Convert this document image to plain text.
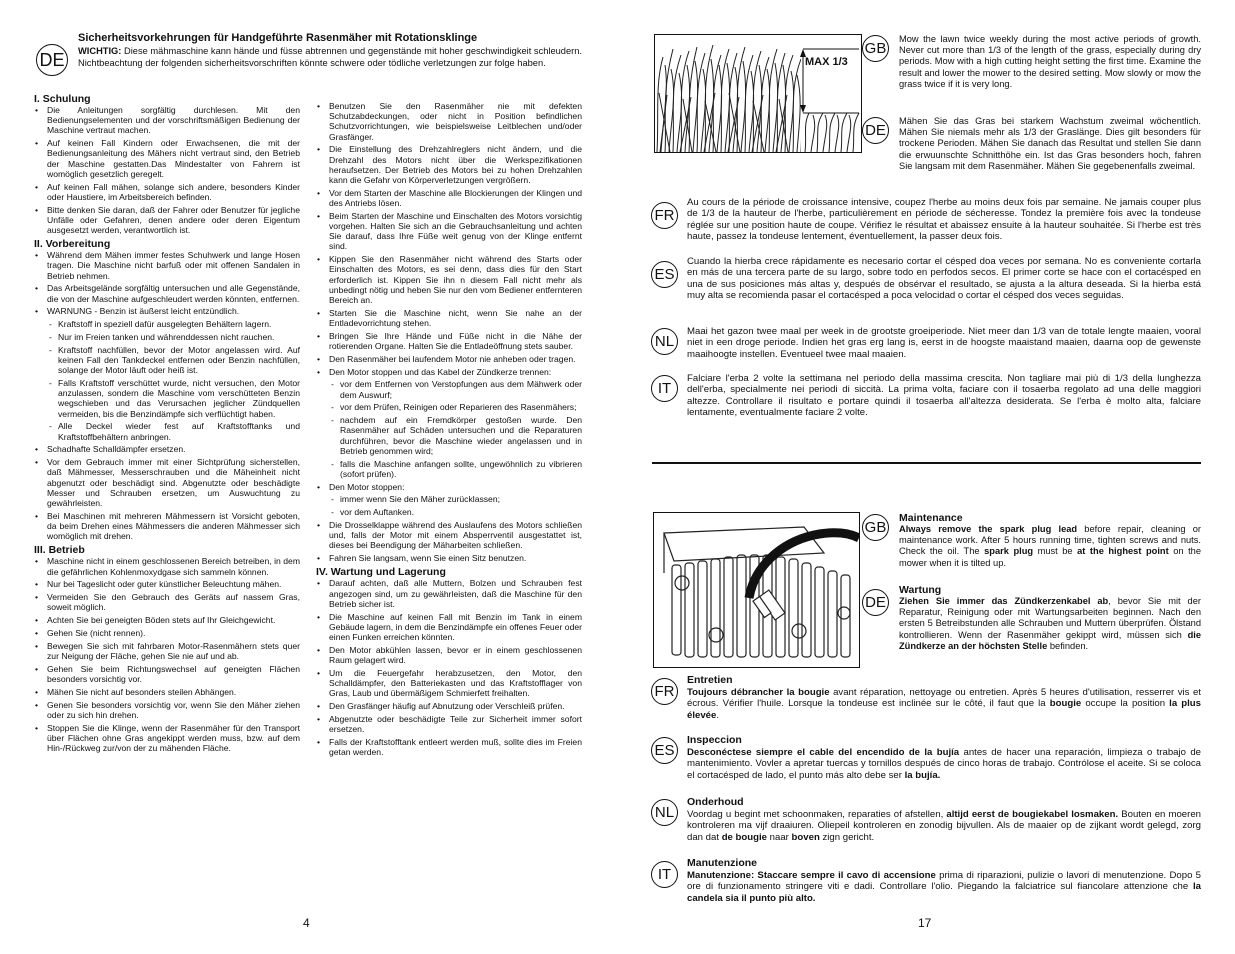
DE
Sicherheitsvorkehrungen für Handgeführte Rasenmäher mit Rotationsklinge
WICHTIG: Diese mähmaschine kann hände und füsse abtrennen und gegenstände mit hoher geschwindigkeit schleudern. Nichtbeachtung der folgenden sicherheitsvorschriften könnte schwere oder tödliche verletzungen zur folge haben.
I. Schulung
• Die Anleitungen sorgfältig durchlesen. Mit den Bedienungselementen und der vorschriftsmäßigen Bedienung der Maschine vertraut machen.
• Auf keinen Fall Kindern oder Erwachsenen, die mit der Bedienungsanleitung des Mähers nicht vertraut sind, den Betrieb der Maschine gestatten.Das Mindestalter von Fahrern ist womöglich gesetzlich geregelt.
• Auf keinen Fall mähen, solange sich andere, besonders Kinder oder Haustiere, im Arbeitsbereich befinden.
• Bitte denken Sie daran, daß der Fahrer oder Benutzer für jegliche Unfälle oder Gefahren, denen andere oder deren Eigentum ausgesetzt werden, verantwortlich ist.
II. Vorbereitung
• Während dem Mähen immer festes Schuhwerk und lange Hosen tragen. Die Maschine nicht barfuß oder mit offenen Sandalen in Betrieb nehmen.
• Das Arbeitsgelände sorgfältig untersuchen und alle Gegenstände, die von der Maschine aufgeschleudert werden könnten, entfernen.
• WARNUNG - Benzin ist äußerst leicht entzündlich.
- Kraftstoff in speziell dafür ausgelegten Behältern lagern.
- Nur im Freien tanken und währenddessen nicht rauchen.
- Kraftstoff nachfüllen, bevor der Motor angelassen wird. Auf keinen Fall den Tankdeckel entfernen oder Benzin nachfüllen, solange der Motor läuft oder heiß ist.
- Falls Kraftstoff verschüttet wurde, nicht versuchen, den Motor anzulassen, sondern die Maschine vom verschütteten Benzin wegschieben und das Verursachen jeglicher Zündquellen vermeiden, bis die Benzindämpfe sich verflüchtigt haben.
- Alle Deckel wieder fest auf Kraftstofftanks und Kraftstoffbehältern anbringen.
• Schadhafte Schalldämpfer ersetzen.
• Vor dem Gebrauch immer mit einer Sichtprüfung sicherstellen, daß Mähmesser, Messerschrauben und die Mäheinheit nicht abgenutzt oder beschädigt sind. Abgenutzte oder beschädigte Messer und Schrauben ersetzen, um Auswuchtung zu gewährleisten.
• Bei Maschinen mit mehreren Mähmessern ist Vorsicht geboten, da beim Drehen eines Mähmessers die anderen Mähmesser sich womöglich mit drehen.
III. Betrieb
• Maschine nicht in einem geschlossenen Bereich betreiben, in dem die gefährlichen Kohlenmoxydgase sich sammeln können.
• Nur bei Tageslicht oder guter künstlicher Beleuchtung mähen.
• Vermeiden Sie den Gebrauch des Geräts auf nassem Gras, soweit möglich.
• Achten Sie bei geneigten Böden stets auf Ihr Gleichgewicht.
• Gehen Sie (nicht rennen).
• Bewegen Sie sich mit fahrbaren Motor-Rasenmähern stets quer zur Neigung der Fläche, gehen Sie nie auf und ab.
• Gehen Sie beim Richtungswechsel auf geneigten Flächen besonders vorsichtig vor.
• Mähen Sie nicht auf besonders steilen Abhängen.
• Genen Sie besonders vorsichtig vor, wenn Sie den Mäher ziehen oder zu sich hin drehen.
• Stoppen Sie die Klinge, wenn der Rasenmäher für den Transport über Flächen ohne Gras angekippt werden muss, bzw. auf dem Hin-/Rückweg zur/von der zu mähenden Fläche.
• Benutzen Sie den Rasenmäher nie mit defekten Schutzabdeckungen, oder nicht in Position befindlichen Schutzvorrichtungen, wie beispielsweise Leitblechen und/oder Grasfänger.
• Die Einstellung des Drehzahlreglers nicht ändern, und die Drehzahl des Motors nicht über die Werkspezifikationen heraufsetzen. Der Betrieb des Motors bei zu hohen Drehzahlen kann die Gefahr von Körperverletzungen vergrößern.
• Vor dem Starten der Maschine alle Blockierungen der Klingen und des Antriebs lösen.
• Beim Starten der Maschine und Einschalten des Motors vorsichtig vorgehen. Halten Sie sich an die Gebrauchsanleitung und achten Sie darauf, dass Ihre Füße weit genug von der Klinge entfernt sind.
• Kippen Sie den Rasenmäher nicht während des Starts oder Einschalten des Motors, es sei denn, dass dies für den Start erforderlich ist. Kippen Sie ihn n diesem Fall nicht mehr als unbedingt nötig und heben Sie nur den vom Bediener entfernteren Bereich an.
• Starten Sie die Maschine nicht, wenn Sie nahe an der Entladevorrichtung stehen.
• Bringen Sie Ihre Hände und Füße nicht in die Nähe der rotierenden Organe. Halten Sie die Entladeöffnung stets sauber.
• Den Rasenmäher bei laufendem Motor nie anheben oder tragen.
• Den Motor stoppen und das Kabel der Zündkerze trennen:
- vor dem Entfernen von Verstopfungen aus dem Mähwerk oder dem Auswurf;
- vor dem Prüfen, Reinigen oder Reparieren des Rasenmähers;
- nachdem auf ein Fremdkörper gestoßen wurde. Den Rasenmäher auf Schäden untersuchen und die Reparaturen durchführen, bevor die Maschine wieder angelassen und in Betrieb genommen wird;
- falls die Maschine anfangen sollte, ungewöhnlich zu vibrieren (sofort prüfen).
• Den Motor stoppen:
- immer wenn Sie den Mäher zurücklassen;
- vor dem Auftanken.
• Die Drosselklappe während des Auslaufens des Motors schließen und, falls der Motor mit einem Absperrventil ausgestattet ist, dieses bei Beendigung der Mäharbeiten schließen.
• Fahren Sie langsam, wenn Sie einen Sitz benutzen.
IV. Wartung und Lagerung
• Darauf achten, daß alle Muttern, Bolzen und Schrauben fest angezogen sind, um zu gewährleisten, daß die Maschine für den Betrieb sicher ist.
• Die Maschine auf keinen Fall mit Benzin im Tank in einem Gebäude lagern, in dem die Benzindämpfe ein offenes Feuer oder einen Funken erreichen könnten.
• Den Motor abkühlen lassen, bevor er in einem geschlossenen Raum gelagert wird.
• Um die Feuergefahr herabzusetzen, den Motor, den Schalldämpfer, den Batteriekasten und das Kraftstofflager von Gras, Laub und übermäßigem Schmierfett freihalten.
• Den Grasfänger häufig auf Abnutzung oder Verschleiß prüfen.
• Abgenutzte oder beschädigte Teile zur Sicherheit immer sofort ersetzen.
• Falls der Kraftstofftank entleert werden muß, sollte dies im Freien getan werden.
4
MAX 1/3
GB
Mow the lawn twice weekly during the most active periods of growth. Never cut more than 1/3 of the length of the grass, especially during dry periods. Mow with a high cutting height setting the first time. Examine the result and lower the mower to the desired setting. Mow slowly or mow the grass twice if it is very long.
DE
Mähen Sie das Gras bei starkem Wachstum zweimal wöchentlich. Mähen Sie niemals mehr als 1/3 der Graslänge. Dies gilt besonders für trockene Perioden. Mähen Sie danach das Resultat und stellen Sie dann die erwuunschte Schnitthöhe ein. Ist das Gras besonders hoch, fahren Sie langsam mit dem Rasenmäher. Mähen Sie gegebenenfalls zweimal.
FR
Au cours de la période de croissance intensive, coupez l'herbe au moins deux fois par semaine. Ne jamais couper plus de 1/3 de la hauteur de l'herbe, particulièrement en période de sécheresse. Tondez la première fois avec la tondeuse réglée sur une position haute de coupe. Vérifiez le résultat et abaissez ensuite à la hauteur souhaitée. Si l'herbe est très haute, passez la tondeuse lentement, éventuellement, la passer deux fois.
ES
Cuando la hierba crece rápidamente es necesario cortar el césped doa veces por semana. No es conveniente cortarla en más de una tercera parte de su largo, sobre todo en perfodos secos. El primer corte se hace con el cortacésped en una de sus posiciones más altas y, después de obsérvar el resultado, se ajusta a la altura deseada. Si la hierba está muy alta se recomienda pasar el cortacésped a poca velocidad o cortar el césped dos veces seguidas.
NL
Maai het gazon twee maal per week in de grootste groeiperiode. Niet meer dan 1/3 van de totale lengte maaien, vooral niet in een droge periode. Indien het gras erg lang is, eerst in de hoogste maaistand maaien, daarna oop de gewenste maaihoogte instellen. Eventueel twee maal maaien.
IT
Falciare l'erba 2 volte la settimana nel periodo della massima crescita. Non tagliare mai più di 1/3 della lunghezza dell'erba, specialmente nei periodi di siccità. La prima volta, faciare con il tosaerba regolato ad una delle maggiori altezze. Controllare il risultato e portare quindi il tosaerba all'altezza desiderata. Se l'erba è molto alta, falciare lentamente, eventualmente faciare 2 volte.
GB
Maintenance
Always remove the spark plug lead before repair, cleaning or maintenance work. After 5 hours running time, tighten screws and nuts. Check the oil. The spark plug must be at the highest point on the mower when it is tilted up.
DE
Wartung
Ziehen Sie immer das Zündkerzenkabel ab, bevor Sie mit der Reparatur, Reinigung oder mit Wartungsarbeiten beginnen. Nach den ersten 5 Betreibstunden alle Schrauben und Muttern überprüfen. Ölstand kontrollieren. Wenn der Rasenmäher gekippt wird, müssen sich die Zündkerze an der höchsten Stelle befinden.
FR
Entretien
Toujours débrancher la bougie avant réparation, nettoyage ou entretien. Après 5 heures d'utilisation, resserrer vis et écrous. Vérifier l'huile. Lorsque la tondeuse est inclinée sur le côté, il faut que la bougie occupe la position la plus élevée.
ES
Inspeccion
Desconéctese siempre el cable del encendido de la bujía antes de hacer una reparación, limpieza o trabajo de mantenimiento. Vovler a apretar tuercas y tornillos después de cinco horas de trabajo. Contrólose el aceite. Si se coloca el cortacésped de lado, el punto más alto debe ser la bujía.
NL
Onderhoud
Voordag u begint met schoonmaken, reparaties of afstellen, altijd eerst de bougiekabel losmaken. Bouten en moeren kontroleren ma vijf draaiuren. Oliepeil kontroleren en zonodig bijvullen. Als de maaier op de zijkant wordt gelegd, zorg dan dat de bougie naar boven zign gericht.
IT
Manutenzione
Manutenzione: Staccare sempre il cavo di accensione prima di riparazioni, pulizie o lavori di menutenzione. Dopo 5 ore di funzionamento stringere viti e dadi. Controllare l'olio. Piegando la falciatrice sul fiancolare attenzione che la candela sia il punto più alto.
17
